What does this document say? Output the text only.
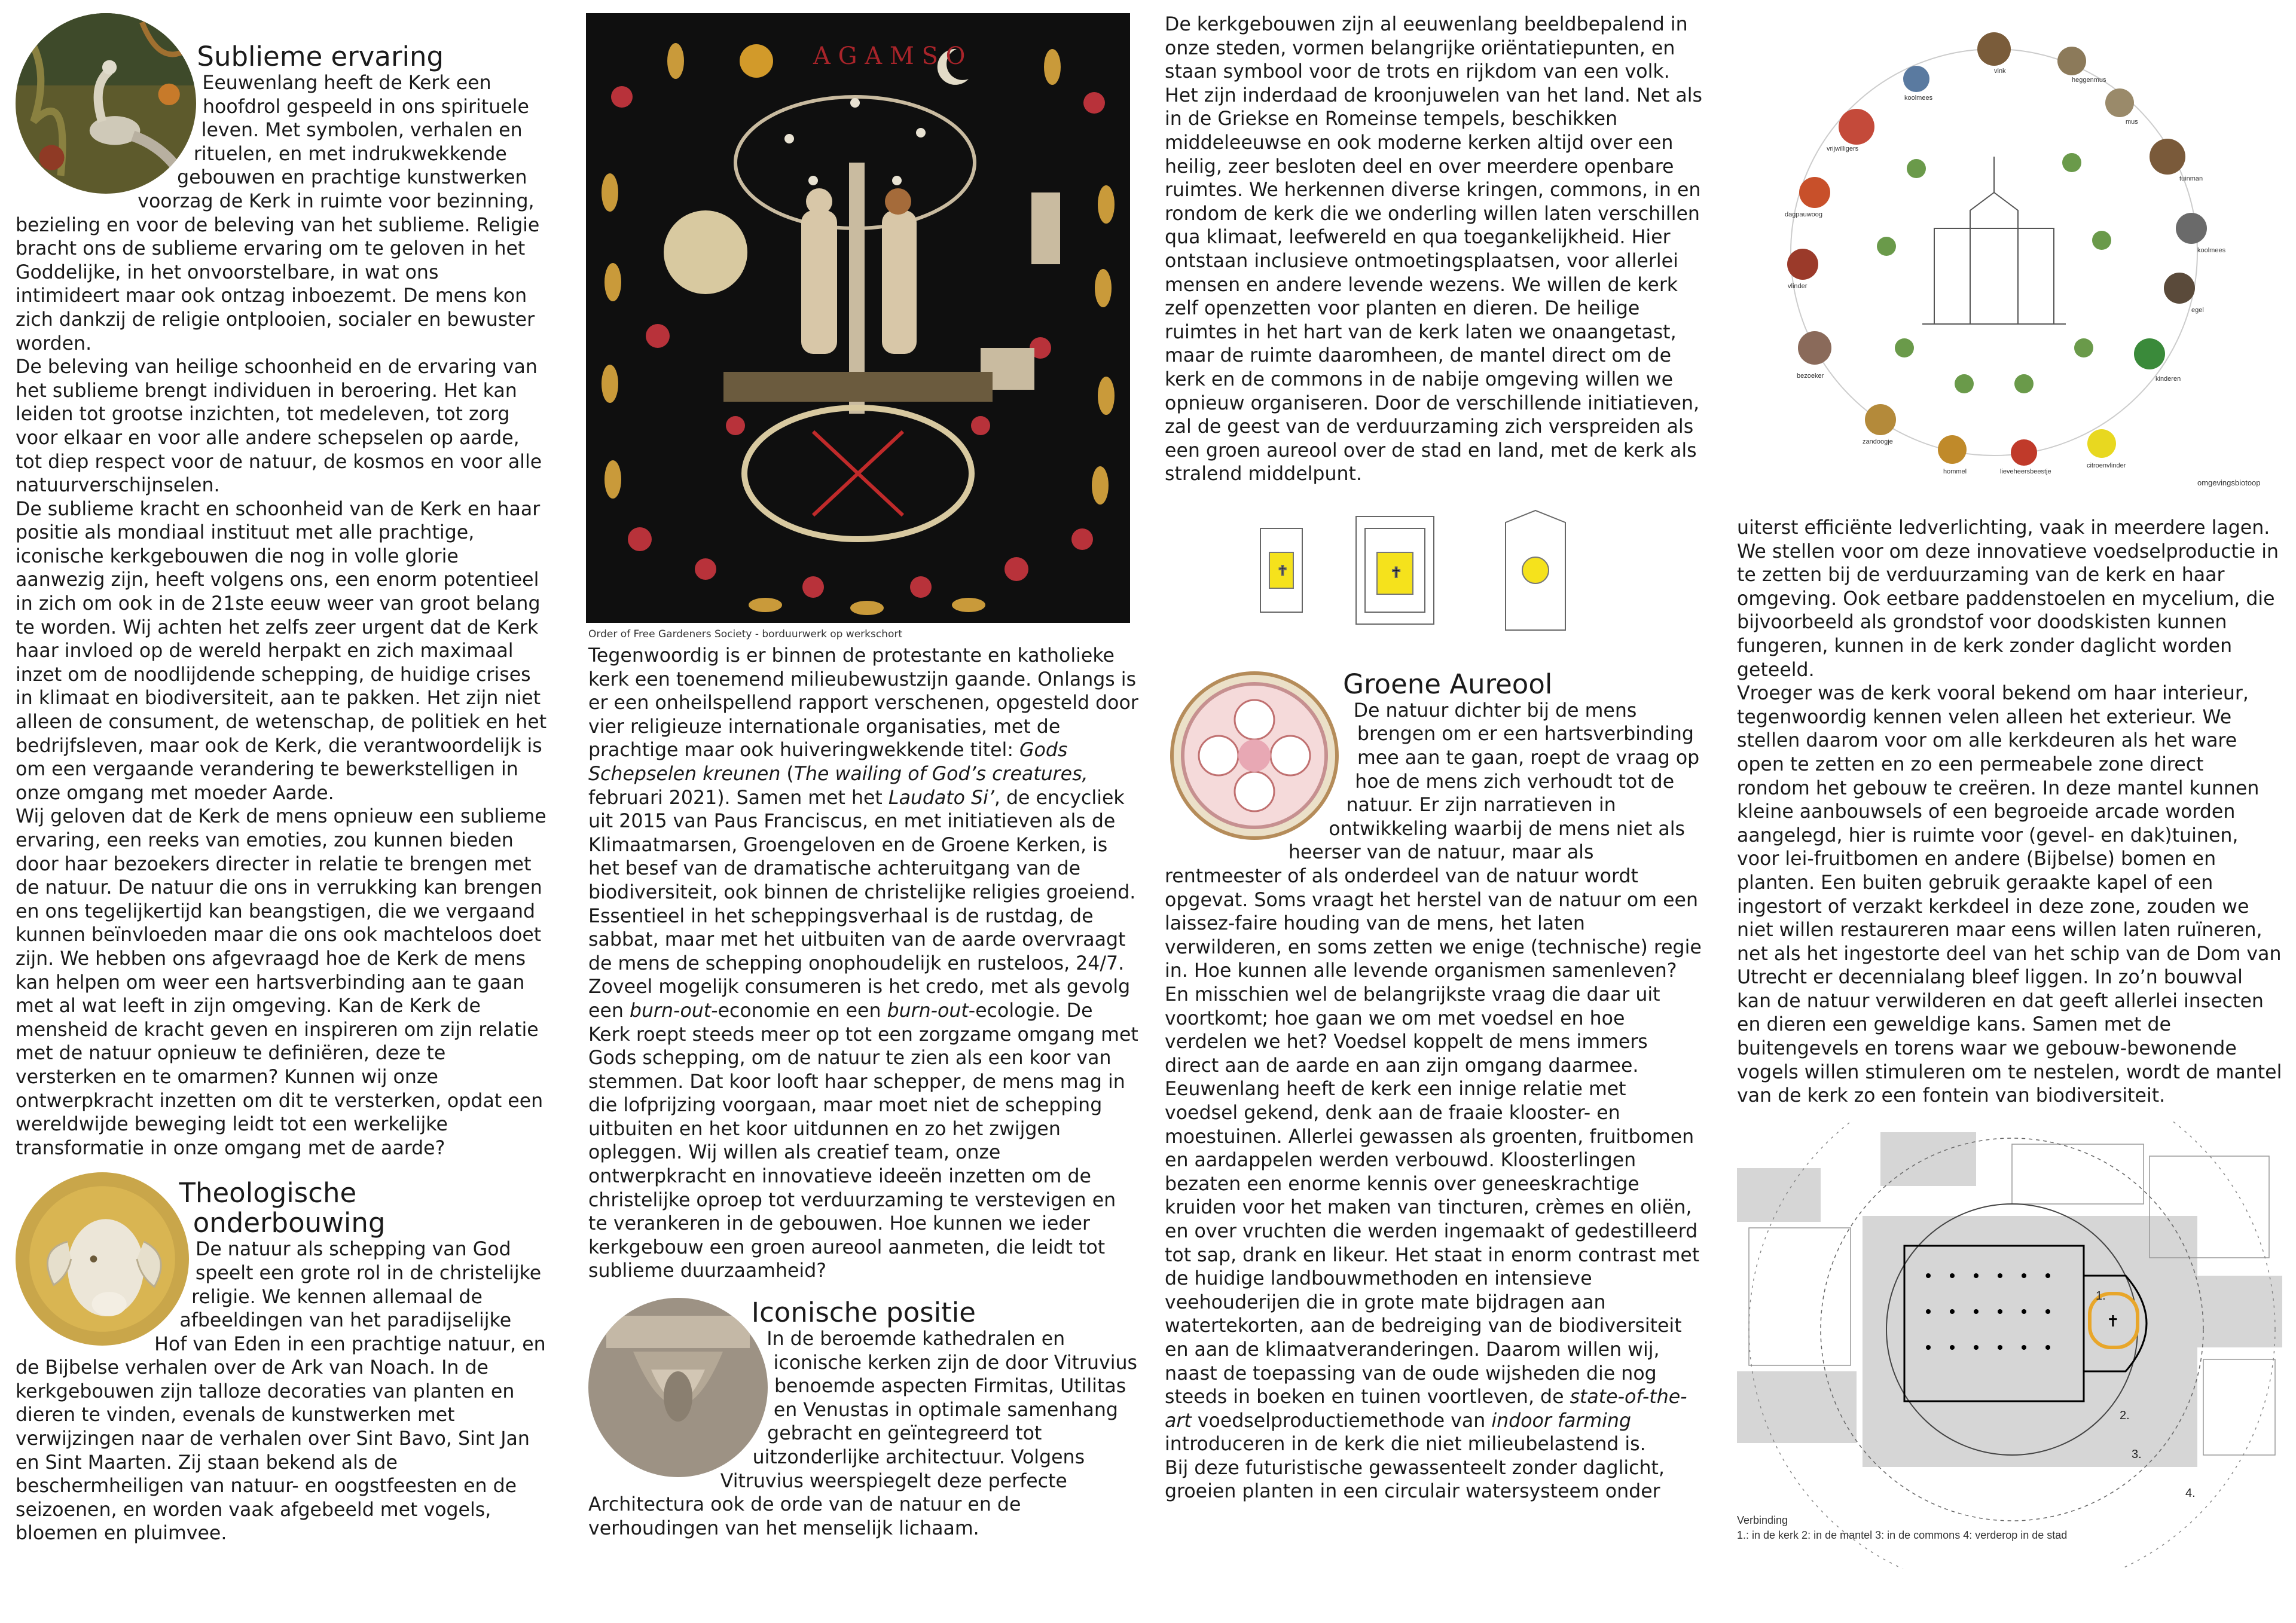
Sublieme ervaring

Eeuwenlang heeft de Kerk een hoofdrol gespeeld in ons spirituele leven. Met symbolen, verhalen en rituelen, en met indrukwekkende gebouwen en prachtige kunstwerken voorzag de Kerk in ruimte voor bezinning, bezieling en voor de beleving van het sublieme. Religie bracht ons de sublieme ervaring om te geloven in het Goddelijke, in het onvoorstelbare, in wat ons intimideert maar ook ontzag inboezemt. De mens kon zich dankzij de religie ontplooien, socialer en bewuster worden.

De beleving van heilige schoonheid en de ervaring van het sublieme brengt individuen in beroering. Het kan leiden tot grootse inzichten, tot medeleven, tot zorg voor elkaar en voor alle andere schepselen op aarde, tot diep respect voor de natuur, de kosmos en voor alle natuurverschijnselen.

De sublieme kracht en schoonheid van de Kerk en haar positie als mondiaal instituut met alle prachtige, iconische kerkgebouwen die nog in volle glorie aanwezig zijn, heeft volgens ons, een enorm potentieel in zich om ook in de 21ste eeuw weer van groot belang te worden. Wij achten het zelfs zeer urgent dat de Kerk haar invloed op de wereld herpakt en zich maximaal inzet om de noodlijdende schepping, de huidige crises in klimaat en biodiversiteit, aan te pakken. Het zijn niet alleen de consument, de wetenschap, de politiek en het bedrijfsleven, maar ook de Kerk, die verantwoordelijk is om een vergaande verandering te bewerkstelligen in onze omgang met moeder Aarde.

Wij geloven dat de Kerk de mens opnieuw een sublieme ervaring, een reeks van emoties, zou kunnen bieden door haar bezoekers directer in relatie te brengen met de natuur. De natuur die ons in verrukking kan brengen en ons tegelijkertijd kan beangstigen, die we vergaand kunnen beïnvloeden maar die ons ook machteloos doet zijn. We hebben ons afgevraagd hoe de Kerk de mens kan helpen om weer een hartsverbinding aan te gaan met al wat leeft in zijn omgeving. Kan de Kerk de mensheid de kracht geven en inspireren om zijn relatie met de natuur opnieuw te definiëren, deze te versterken en te omarmen? Kunnen wij onze ontwerpkracht inzetten om dit te versterken, opdat een wereldwijde beweging leidt tot een werkelijke transformatie in onze omgang met de aarde?

Theologische onderbouwing

De natuur als schepping van God speelt een grote rol in de christelijke religie. We kennen allemaal de afbeeldingen van het paradijselijke Hof van Eden in een prachtige natuur, en de Bijbelse verhalen over de Ark van Noach. In de kerkgebouwen zijn talloze decoraties van planten en dieren te vinden, evenals de kunstwerken met verwijzingen naar de verhalen over Sint Bavo, Sint Jan en Sint Maarten. Zij staan bekend als de beschermheiligen van natuur- en oogstfeesten en de seizoenen, en worden vaak afgebeeld met vogels, bloemen en pluimvee.

A G A M S O
Order of Free Gardeners Society - borduurwerk op werkschort

Tegenwoordig is er binnen de protestante en katholieke kerk een toenemend milieubewustzijn gaande. Onlangs is er een onheilspellend rapport verschenen, opgesteld door vier religieuze internationale organisaties, met de prachtige maar ook huiveringwekkende titel: Gods Schepselen kreunen (The wailing of God’s creatures, februari 2021). Samen met het Laudato Si’, de encycliek uit 2015 van Paus Franciscus, en met initiatieven als de Klimaatmarsen, Groengeloven en de Groene Kerken, is het besef van de dramatische achteruitgang van de biodiversiteit, ook binnen de christelijke religies groeiend. Essentieel in het scheppingsverhaal is de rustdag, de sabbat, maar met het uitbuiten van de aarde overvraagt de mens de schepping onophoudelijk en rusteloos, 24/7. Zoveel mogelijk consumeren is het credo, met als gevolg een burn-out-economie en een burn-out-ecologie. De Kerk roept steeds meer op tot een zorgzame omgang met Gods schepping, om de natuur te zien als een koor van stemmen. Dat koor looft haar schepper, de mens mag in die lofprijzing voorgaan, maar moet niet de schepping uitbuiten en het koor uitdunnen en zo het zwijgen opleggen. Wij willen als creatief team, onze ontwerpkracht en innovatieve ideeën inzetten om de christelijke oproep tot verduurzaming te verstevigen en te verankeren in de gebouwen. Hoe kunnen we ieder kerkgebouw een groen aureool aanmeten, die leidt tot sublieme duurzaamheid?

Iconische positie

In de beroemde kathedralen en iconische kerken zijn de door Vitruvius benoemde aspecten Firmitas, Utilitas en Venustas in optimale samenhang gebracht en geïntegreerd tot uitzonderlijke architectuur. Volgens Vitruvius weerspiegelt deze perfecte Architectura ook de orde van de natuur en de verhoudingen van het menselijk lichaam.

De kerkgebouwen zijn al eeuwenlang beeldbepalend in onze steden, vormen belangrijke oriëntatiepunten, en staan symbool voor de trots en rijkdom van een volk. Het zijn inderdaad de kroonjuwelen van het land. Net als in de Griekse en Romeinse tempels, beschikken middeleeuwse en ook moderne kerken altijd over een heilig, zeer besloten deel en over meerdere openbare ruimtes. We herkennen diverse kringen, commons, in en rondom de kerk die we onderling willen laten verschillen qua klimaat, leefwereld en qua toegankelijkheid. Hier ontstaan inclusieve ontmoetingsplaatsen, voor allerlei mensen en andere levende wezens. We willen de kerk zelf openzetten voor planten en dieren. De heilige ruimtes in het hart van de kerk laten we onaangetast, maar de ruimte daaromheen, de mantel direct om de kerk en de commons in de nabije omgeving willen we opnieuw organiseren. Door de verschillende initiatieven, zal de geest van de verduurzaming zich verspreiden als een groen aureool over de stad en land, met de kerk als stralend middelpunt.

✝	✝
Groene Aureool

De natuur dichter bij de mens brengen om er een hartsverbinding mee aan te gaan, roept de vraag op hoe de mens zich verhoudt tot de natuur. Er zijn narratieven in ontwikkeling waarbij de mens niet als heerser van de natuur, maar als rentmeester of als onderdeel van de natuur wordt opgevat. Soms vraagt het herstel van de natuur om een laissez-faire houding van de mens, het laten verwilderen, en soms zetten we enige (technische) regie in. Hoe kunnen alle levende organismen samenleven? En misschien wel de belangrijkste vraag die daar uit voortkomt; hoe gaan we om met voedsel en hoe verdelen we het? Voedsel koppelt de mens immers direct aan de aarde en aan zijn omgang daarmee.

Eeuwenlang heeft de kerk een innige relatie met voedsel gekend, denk aan de fraaie klooster- en moestuinen. Allerlei gewassen als groenten, fruitbomen en aardappelen werden verbouwd. Kloosterlingen bezaten een enorme kennis over geneeskrachtige kruiden voor het maken van tincturen, crèmes en oliën, en over vruchten die werden ingemaakt of gedestilleerd tot sap, drank en likeur. Het staat in enorm contrast met de huidige landbouwmethoden en intensieve veehouderijen die in grote mate bijdragen aan watertekorten, aan de bedreiging van de biodiversiteit en aan de klimaatveranderingen. Daarom willen wij, naast de toepassing van de oude wijsheden die nog steeds in boeken en tuinen voortleven, de state-of-the-art voedselproductiemethode van indoor farming introduceren in de kerk die niet milieubelastend is.

Bij deze futuristische gewassenteelt zonder daglicht, groeien planten in een circulair watersysteem onder

vink
heggenmus
koolmees
mus
vrijwilligers
tuinman
dagpauwoog
koolmees
vlinder
egel
bezoeker	kinderen
zandoogje
hommel	lieveheersbeestje
citroenvlinder
omgevingsbiotoop

uiterst efficiënte ledverlichting, vaak in meerdere lagen. We stellen voor om deze innovatieve voedselproductie in te zetten bij de verduurzaming van de kerk en haar omgeving. Ook eetbare paddenstoelen en mycelium, die bijvoorbeeld als grondstof voor doodskisten kunnen fungeren, kunnen in de kerk zonder daglicht worden geteeld.

Vroeger was de kerk vooral bekend om haar interieur, tegenwoordig kennen velen alleen het exterieur. We stellen daarom voor om alle kerkdeuren als het ware open te zetten en zo een permeabele zone direct rondom het gebouw te creëren. In deze mantel kunnen kleine aanbouwsels of een begroeide arcade worden aangelegd, hier is ruimte voor (gevel- en dak)tuinen, voor lei-fruitbomen en andere (Bijbelse) bomen en planten. Een buiten gebruik geraakte kapel of een ingestort of verzakt kerkdeel in deze zone, zouden we niet willen restaureren maar eens willen laten ruïneren, net als het ingestorte deel van het schip van de Dom van Utrecht er decennialang bleef liggen. In zo’n bouwval kan de natuur verwilderen en dat geeft allerlei insecten en dieren een geweldige kans. Samen met de buitengevels en torens waar we gebouw-bewonende vogels willen stimuleren om te nestelen, wordt de mantel van de kerk zo een fontein van biodiversiteit.

✝
1.
2.
3.
4.
Verbinding
1.: in de kerk 2: in de mantel 3: in de commons 4: verderop in de stad
